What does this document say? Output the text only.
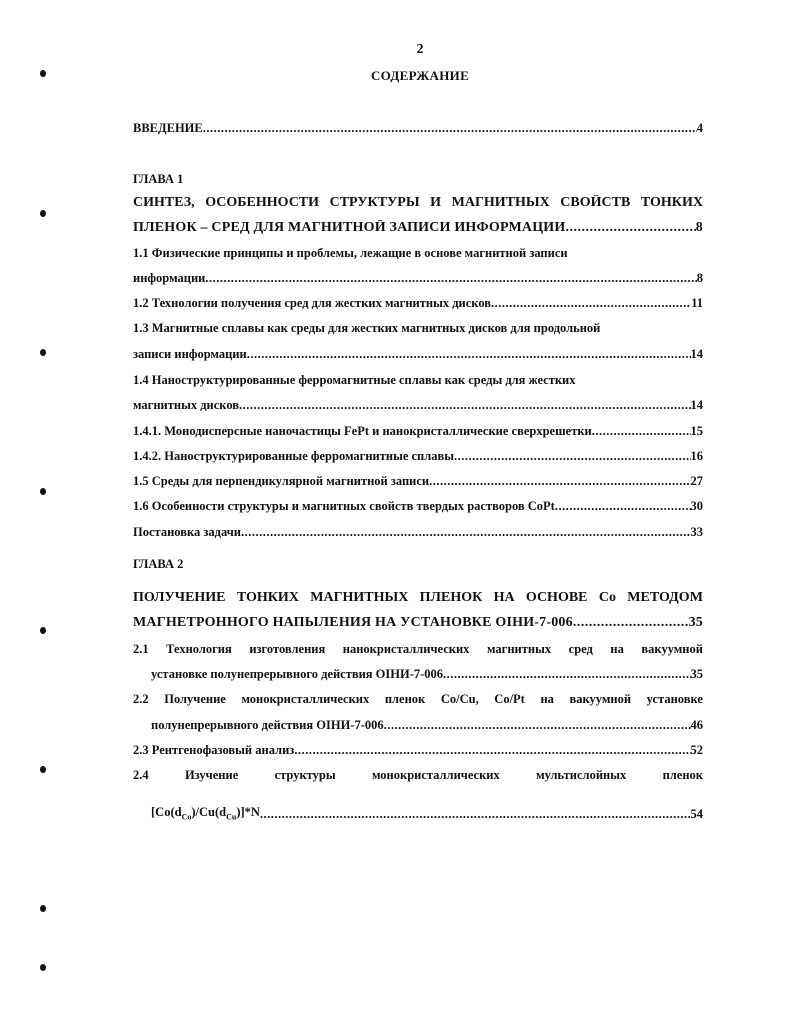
2
СОДЕРЖАНИЕ
ВВЕДЕНИЕ .....	4
ГЛАВА 1
СИНТЕЗ, ОСОБЕННОСТИ СТРУКТУРЫ И МАГНИТНЫХ СВОЙСТВ ТОНКИХ
ПЛЕНОК – СРЕД ДЛЯ МАГНИТНОЙ ЗАПИСИ ИНФОРМАЦИИ .....	8
1.1 Физические принципы и проблемы, лежащие в основе магнитной записи
информации .....	8
1.2 Технологии получения сред для жестких магнитных дисков .....	11
1.3 Магнитные сплавы как среды для жестких магнитных дисков для продольной
записи информации .....	14
1.4 Наноструктурированные ферромагнитные сплавы как среды для жестких
магнитных дисков .....	14
1.4.1. Монодисперсные наночастицы FePt и нанокристаллические сверхрешетки .....	15
1.4.2. Наноструктурированные ферромагнитные сплавы .....	16
1.5 Среды для перпендикулярной магнитной записи .....	27
1.6 Особенности структуры и магнитных свойств твердых растворов CoPt .....	30
Постановка задачи .....	33
ГЛАВА 2
ПОЛУЧЕНИЕ ТОНКИХ МАГНИТНЫХ ПЛЕНОК НА ОСНОВЕ Co МЕТОДОМ
МАГНЕТРОННОГО НАПЫЛЕНИЯ НА УСТАНОВКЕ ОІНИ-7-006 .....	35
2.1 Технология изготовления нанокристаллических магнитных сред на вакуумной
установке полунепрерывного действия ОІНИ-7-006 .....	35
2.2 Получение монокристаллических пленок Co/Cu, Co/Pt на вакуумной установке
полунепрерывного действия ОІНИ-7-006 .....	46
2.3 Рентгенофазовый анализ .....	52
2.4	Изучение	структуры	монокристаллических	мультислойных	пленок
$[Co(d_{Co})/Cu(d_{Cu})]*N$ .....	54
